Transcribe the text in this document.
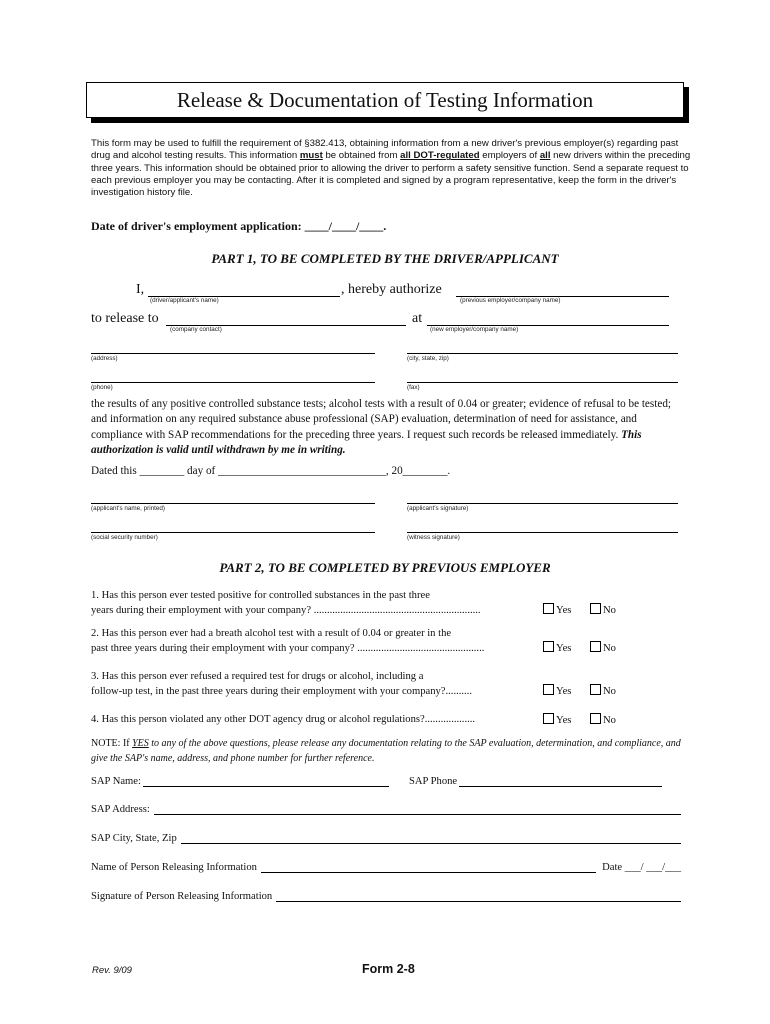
Release & Documentation of Testing Information
This form may be used to fulfill the requirement of §382.413, obtaining information from a new driver's previous employer(s) regarding past drug and alcohol testing results. This information must be obtained from all DOT-regulated employers of all new drivers within the preceding three years. This information should be obtained prior to allowing the driver to perform a safety sensitive function. Send a separate request to each previous employer you may be contacting. After it is completed and signed by a program representative, keep the form in the driver's investigation history file.
Date of driver's employment application: ____/____/____.
PART 1, TO BE COMPLETED BY THE DRIVER/APPLICANT
I,	, hereby authorize
(driver/applicant's name)	(previous employer/company name)
to release to	at
(company contact)	(new employer/company name)
(address)	(city, state, zip)
(phone)	(fax)
the results of any positive controlled substance tests; alcohol tests with a result of 0.04 or greater; evidence of refusal to be tested; and information on any required substance abuse professional (SAP) evaluation, determination of need for assistance, and compliance with SAP recommendations for the preceding three years. I request such records be released immediately. This authorization is valid until withdrawn by me in writing.
Dated this ________ day of ______________________________, 20________.
(applicant's name, printed)	(applicant's signature)
(social security number)	(witness signature)
PART 2, TO BE COMPLETED BY PREVIOUS EMPLOYER
1. Has this person ever tested positive for controlled substances in the past three
years during their employment with your company? ...............................................................	Yes	No
2. Has this person ever had a breath alcohol test with a result of 0.04 or greater in the
past three years during their employment with your company? ................................................	Yes	No
3. Has this person ever refused a required test for drugs or alcohol, including a
follow-up test, in the past three years during their employment with your company?..........	Yes	No
4. Has this person violated any other DOT agency drug or alcohol regulations?...................	Yes	No
NOTE: If YES to any of the above questions, please release any documentation relating to the SAP evaluation, determination, and compliance, and give the SAP's name, address, and phone number for further reference.
SAP Name:	SAP Phone
SAP Address:
SAP City, State, Zip
Name of Person Releasing Information	Date ___/ ___/___
Signature of Person Releasing Information
Rev. 9/09	Form 2-8
